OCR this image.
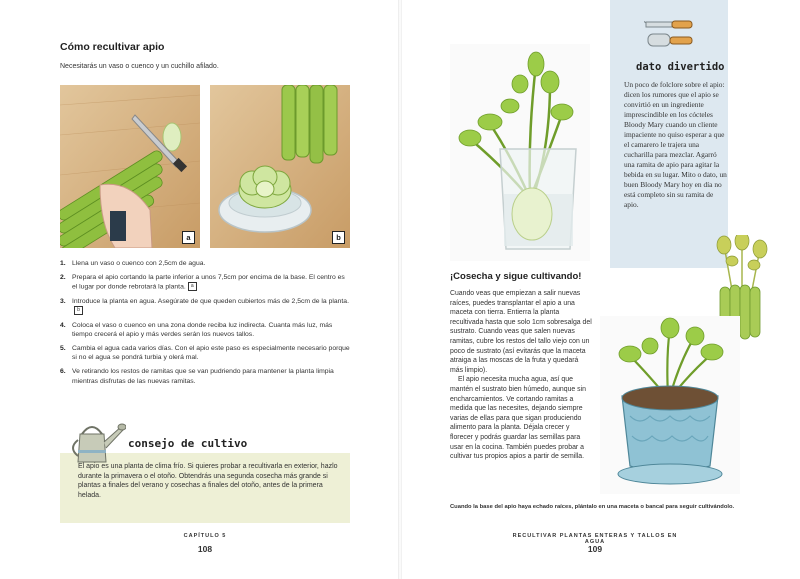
Cómo recultivar apio
Necesitarás un vaso o cuenco y un cuchillo afilado.
a	b
1. Llena un vaso o cuenco con 2,5cm de agua.
2. Prepara el apio cortando la parte inferior a unos 7,5cm por encima de la base. El centro es el lugar por donde rebrotará la planta. a
3. Introduce la planta en agua. Asegúrate de que queden cubiertos más de 2,5cm de la planta.b
4. Coloca el vaso o cuenco en una zona donde reciba luz indirecta. Cuanta más luz, más tiempo crecerá el apio y más verdes serán los nuevos tallos.
5. Cambia el agua cada varios días. Con el apio este paso es especialmente necesario porque si no el agua se pondrá turbia y olerá mal.
6. Ve retirando los restos de ramitas que se van pudriendo para mantener la planta limpia mientras disfrutas de las nuevas ramitas.
consejo de cultivo
El apio es una planta de clima frío. Si quieres probar a recultivarla en exterior, hazlo durante la primavera o el otoño. Obtendrás una segunda cosecha más grande si plantas a finales del verano y cosechas a finales del otoño, antes de la primera helada.
CAPÍTULO 5
108
dato divertido
Un poco de folclore sobre el apio: dicen los rumores que el apio se convirtió en un ingrediente imprescindible en los cócteles Bloody Mary cuando un cliente impaciente no quiso esperar a que el camarero le trajera una cucharilla para mezclar. Agarró una ramita de apio para agitar la bebida en su lugar. Mito o dato, un buen Bloody Mary hoy en día no está completo sin su ramita de apio.
¡Cosecha y sigue cultivando!

Cuando veas que empiezan a salir nuevas raíces, puedes transplantar el apio a una maceta con tierra. Entierra la planta recultivada hasta que solo 1cm sobresalga del sustrato. Cuando veas que salen nuevas ramitas, cubre los restos del tallo viejo con un poco de sustrato (así evitarás que la maceta atraiga a las moscas de la fruta y quedará más limpio).

El apio necesita mucha agua, así que mantén el sustrato bien húmedo, aunque sin encharcamientos. Ve cortando ramitas a medida que las necesites, dejando siempre varias de ellas para que sigan produciendo alimento para la planta. Déjala crecer y florecer y podrás guardar las semillas para usar en la cocina. También puedes probar a cultivar tus propios apios a partir de semilla.

Cuando la base del apio haya echado raíces, plántalo en una maceta o bancal para seguir cultivándolo.
RECULTIVAR PLANTAS ENTERAS Y TALLOS EN AGUA
109
